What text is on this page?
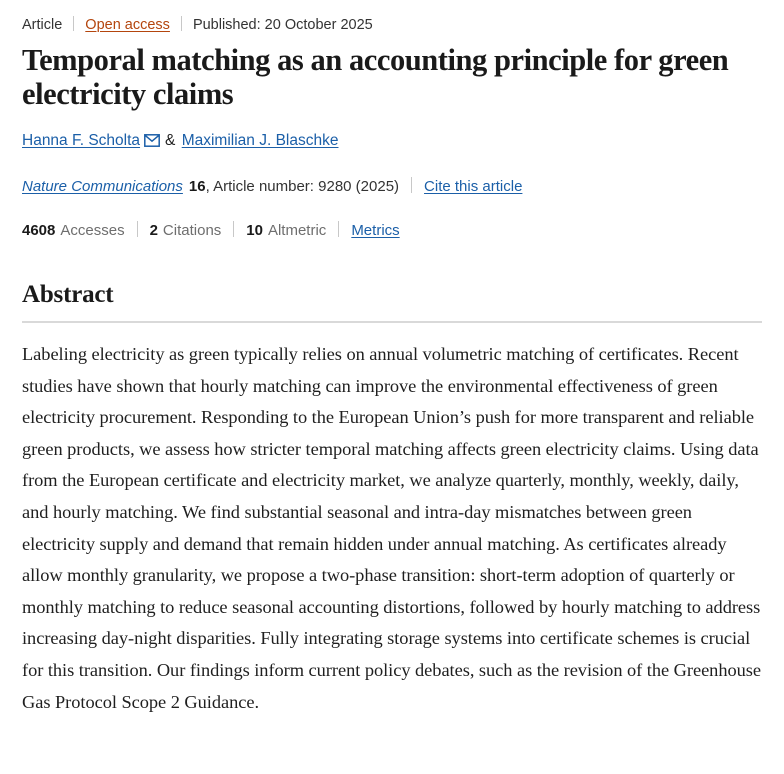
Article Open access Published: 20 October 2025
Temporal matching as an accounting principle for green electricity claims
Hanna F. Scholta & Maximilian J. Blaschke
Nature Communications 16 , Article number: 9280 (2025) Cite this article
4608 Accesses 2 Citations 10 Altmetric Metrics
Abstract

Labeling electricity as green typically relies on annual volumetric matching of certificates. Recent studies have shown that hourly matching can improve the environmental effectiveness of green electricity procurement. Responding to the European Union’s push for more transparent and reliable green products, we assess how stricter temporal matching affects green electricity claims. Using data from the European certificate and electricity market, we analyze quarterly, monthly, weekly, daily, and hourly matching. We find substantial seasonal and intra-day mismatches between green electricity supply and demand that remain hidden under annual matching. As certificates already allow monthly granularity, we propose a two-phase transition: short-term adoption of quarterly or monthly matching to reduce seasonal accounting distortions, followed by hourly matching to address increasing day-night disparities. Fully integrating storage systems into certificate schemes is crucial for this transition. Our findings inform current policy debates, such as the revision of the Greenhouse Gas Protocol Scope 2 Guidance.
